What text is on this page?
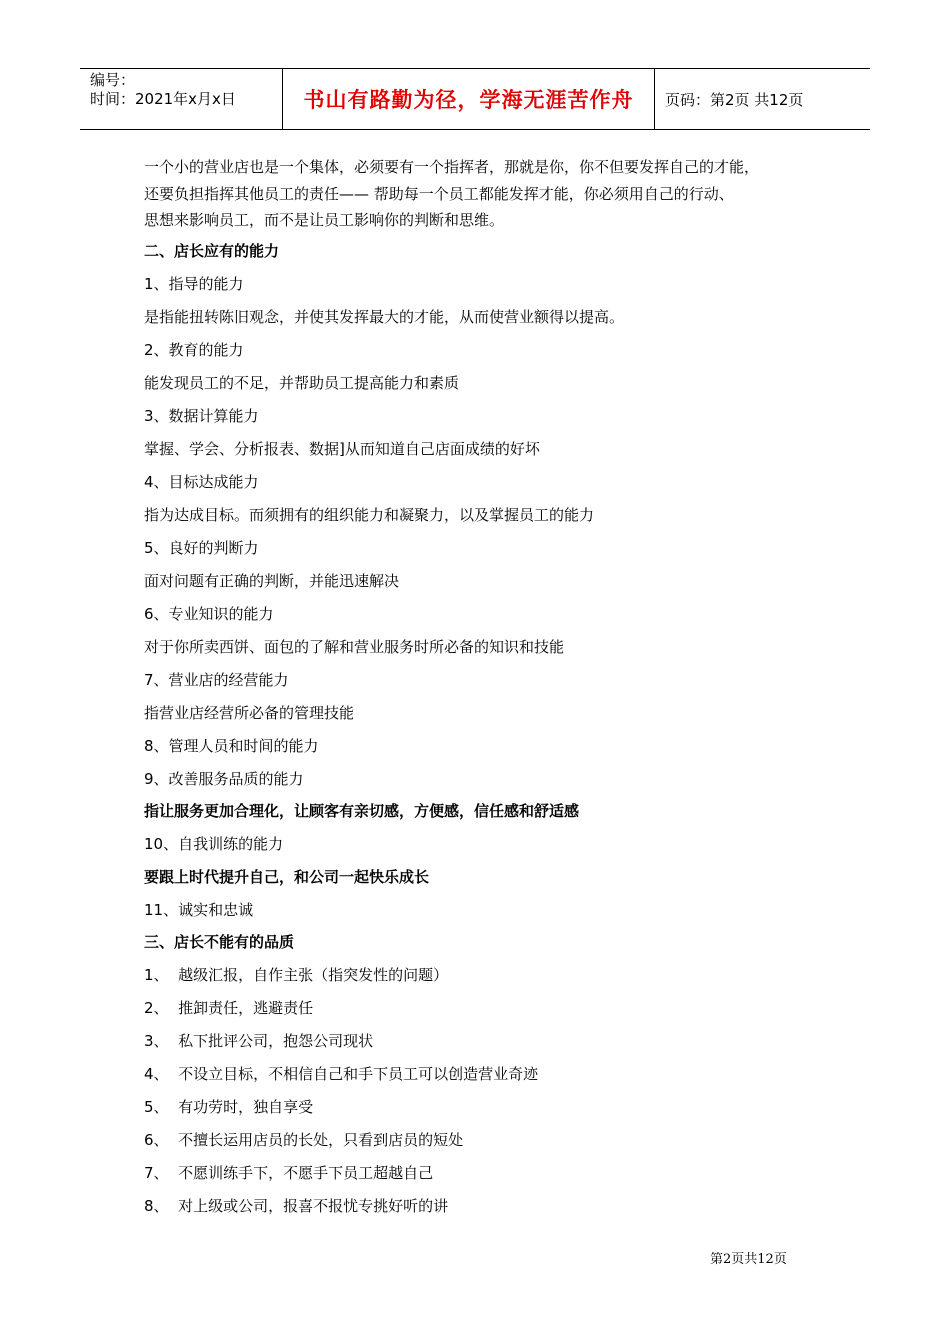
编号：
时间：2021年x月x日	书山有路勤为径，学海无涯苦作舟	页码：第2页 共12页
一个小的营业店也是一个集体，必须要有一个指挥者，那就是你，你不但要发挥自己的才能，
还要负担指挥其他员工的责任—— 帮助每一个员工都能发挥才能，你必须用自己的行动、
思想来影响员工，而不是让员工影响你的判断和思维。
二、店长应有的能力
1、指导的能力
是指能扭转陈旧观念，并使其发挥最大的才能，从而使营业额得以提高。
2、教育的能力
能发现员工的不足，并帮助员工提高能力和素质
3、数据计算能力
掌握、学会、分析报表、数据]从而知道自己店面成绩的好坏
4、目标达成能力
指为达成目标。而须拥有的组织能力和凝聚力，以及掌握员工的能力
5、良好的判断力
面对问题有正确的判断，并能迅速解决
6、专业知识的能力
对于你所卖西饼、面包的了解和营业服务时所必备的知识和技能
7、营业店的经营能力
指营业店经营所必备的管理技能
8、管理人员和时间的能力
9、改善服务品质的能力
指让服务更加合理化，让顾客有亲切感，方便感，信任感和舒适感
10、自我训练的能力
要跟上时代提升自己，和公司一起快乐成长
11、诚实和忠诚
三、店长不能有的品质
1、  越级汇报，自作主张（指突发性的问题）
2、  推卸责任，逃避责任
3、  私下批评公司，抱怨公司现状
4、  不设立目标，不相信自己和手下员工可以创造营业奇迹
5、  有功劳时，独自享受
6、  不擅长运用店员的长处，只看到店员的短处
7、  不愿训练手下，不愿手下员工超越自己
8、  对上级或公司，报喜不报忧专挑好听的讲
第2页共12页
